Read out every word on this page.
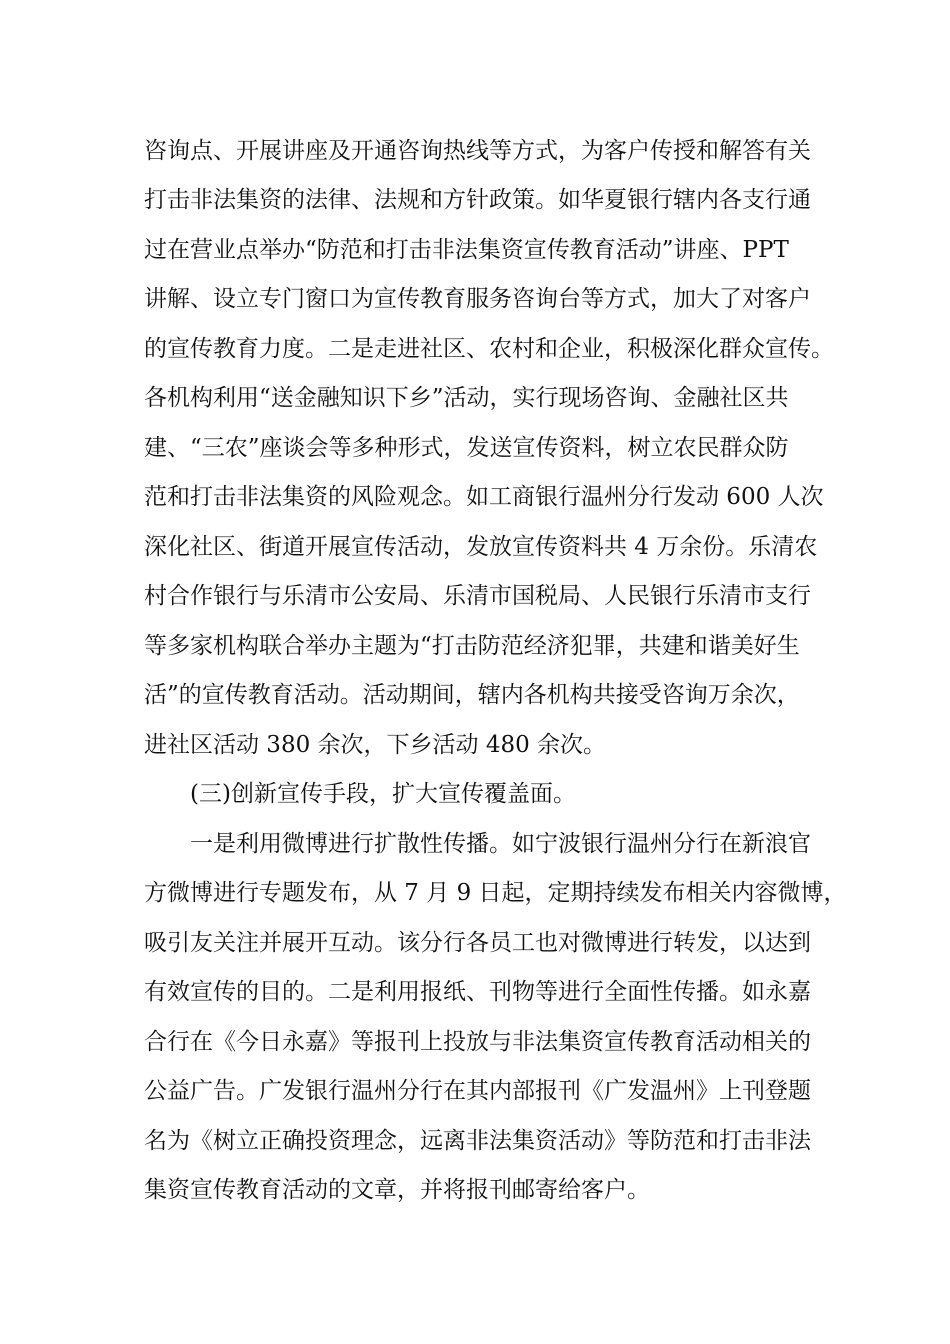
咨询点、开展讲座及开通咨询热线等方式，为客户传授和解答有关
打击非法集资的法律、法规和方针政策。如华夏银行辖内各支行通
过在营业点举办“防范和打击非法集资宣传教育活动”讲座、PPT
讲解、设立专门窗口为宣传教育服务咨询台等方式，加大了对客户
的宣传教育力度。二是走进社区、农村和企业，积极深化群众宣传。
各机构利用“送金融知识下乡”活动，实行现场咨询、金融社区共
建、“三农”座谈会等多种形式，发送宣传资料，树立农民群众防
范和打击非法集资的风险观念。如工商银行温州分行发动 600 人次
深化社区、街道开展宣传活动，发放宣传资料共 4 万余份。乐清农
村合作银行与乐清市公安局、乐清市国税局、人民银行乐清市支行
等多家机构联合举办主题为“打击防范经济犯罪，共建和谐美好生
活”的宣传教育活动。活动期间，辖内各机构共接受咨询万余次，
进社区活动 380 余次，下乡活动 480 余次。
(三)创新宣传手段，扩大宣传覆盖面。
一是利用微博进行扩散性传播。如宁波银行温州分行在新浪官
方微博进行专题发布，从 7 月 9 日起，定期持续发布相关内容微博，
吸引友关注并展开互动。该分行各员工也对微博进行转发，以达到
有效宣传的目的。二是利用报纸、刊物等进行全面性传播。如永嘉
合行在《今日永嘉》等报刊上投放与非法集资宣传教育活动相关的
公益广告。广发银行温州分行在其内部报刊《广发温州》上刊登题
名为《树立正确投资理念，远离非法集资活动》等防范和打击非法
集资宣传教育活动的文章，并将报刊邮寄给客户。
